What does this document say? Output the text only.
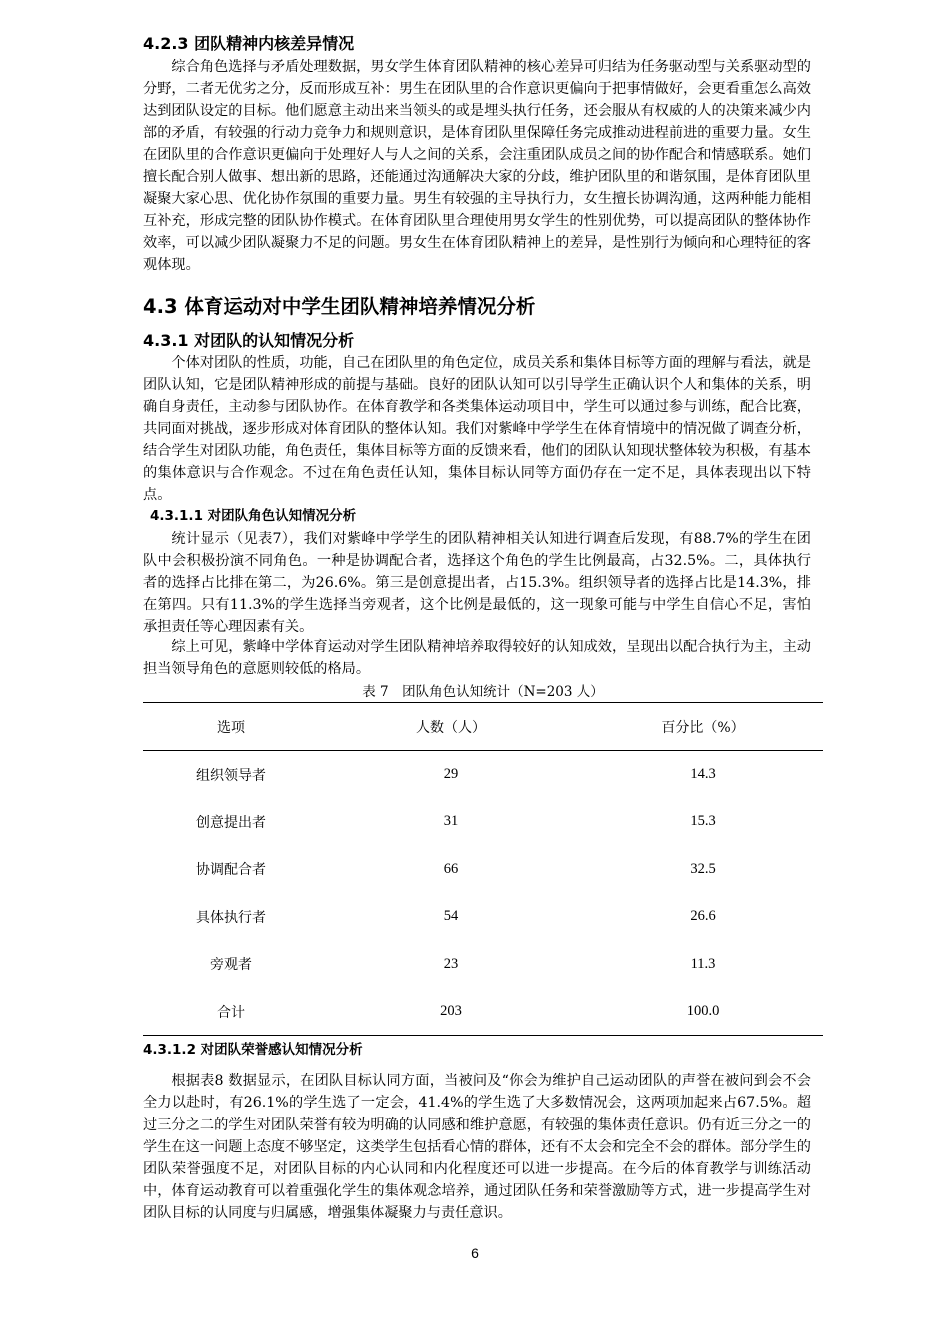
4.2.3 团队精神内核差异情况

综合角色选择与矛盾处理数据，男女学生体育团队精神的核心差异可归结为任务驱动型与关系驱动型的分野，二者无优劣之分，反而形成互补：男生在团队里的合作意识更偏向于把事情做好，会更看重怎么高效达到团队设定的目标。他们愿意主动出来当领头的或是埋头执行任务，还会服从有权威的人的决策来减少内部的矛盾，有较强的行动力竞争力和规则意识，是体育团队里保障任务完成推动进程前进的重要力量。女生在团队里的合作意识更偏向于处理好人与人之间的关系，会注重团队成员之间的协作配合和情感联系。她们擅长配合别人做事、想出新的思路，还能通过沟通解决大家的分歧，维护团队里的和谐氛围，是体育团队里凝聚大家心思、优化协作氛围的重要力量。男生有较强的主导执行力，女生擅长协调沟通，这两种能力能相互补充，形成完整的团队协作模式。在体育团队里合理使用男女学生的性别优势，可以提高团队的整体协作效率，可以减少团队凝聚力不足的问题。男女生在体育团队精神上的差异，是性别行为倾向和心理特征的客观体现。

4.3 体育运动对中学生团队精神培养情况分析
4.3.1 对团队的认知情况分析

个体对团队的性质，功能，自己在团队里的角色定位，成员关系和集体目标等方面的理解与看法，就是团队认知，它是团队精神形成的前提与基础。良好的团队认知可以引导学生正确认识个人和集体的关系，明确自身责任，主动参与团队协作。在体育教学和各类集体运动项目中，学生可以通过参与训练，配合比赛，共同面对挑战，逐步形成对体育团队的整体认知。我们对紫峰中学学生在体育情境中的情况做了调查分析，结合学生对团队功能，角色责任，集体目标等方面的反馈来看，他们的团队认知现状整体较为积极，有基本的集体意识与合作观念。不过在角色责任认知，集体目标认同等方面仍存在一定不足，具体表现出以下特点。

4.3.1.1 对团队角色认知情况分析

统计显示（见表7），我们对紫峰中学学生的团队精神相关认知进行调查后发现，有88.7%的学生在团队中会积极扮演不同角色。一种是协调配合者，选择这个角色的学生比例最高，占32.5%。二，具体执行者的选择占比排在第二，为26.6%。第三是创意提出者，占15.3%。组织领导者的选择占比是14.3%，排在第四。只有11.3%的学生选择当旁观者，这个比例是最低的，这一现象可能与中学生自信心不足，害怕承担责任等心理因素有关。

综上可见，紫峰中学体育运动对学生团队精神培养取得较好的认知成效，呈现出以配合执行为主，主动担当领导角色的意愿则较低的格局。

表 7　团队角色认知统计（N=203 人）

选项	人数（人）	百分比（%）
组织领导者	29	14.3
创意提出者	31	15.3
协调配合者	66	32.5
具体执行者	54	26.6
旁观者	23	11.3
合计	203	100.0
4.3.1.2 对团队荣誉感认知情况分析

根据表8 数据显示，在团队目标认同方面，当被问及“你会为维护自己运动团队的声誉在被问到会不会全力以赴时，有26.1%的学生选了一定会，41.4%的学生选了大多数情况会，这两项加起来占67.5%。超过三分之二的学生对团队荣誉有较为明确的认同感和维护意愿，有较强的集体责任意识。仍有近三分之一的学生在这一问题上态度不够坚定，这类学生包括看心情的群体，还有不太会和完全不会的群体。部分学生的团队荣誉强度不足，对团队目标的内心认同和内化程度还可以进一步提高。在今后的体育教学与训练活动中，体育运动教育可以着重强化学生的集体观念培养，通过团队任务和荣誉激励等方式，进一步提高学生对团队目标的认同度与归属感，增强集体凝聚力与责任意识。

6
